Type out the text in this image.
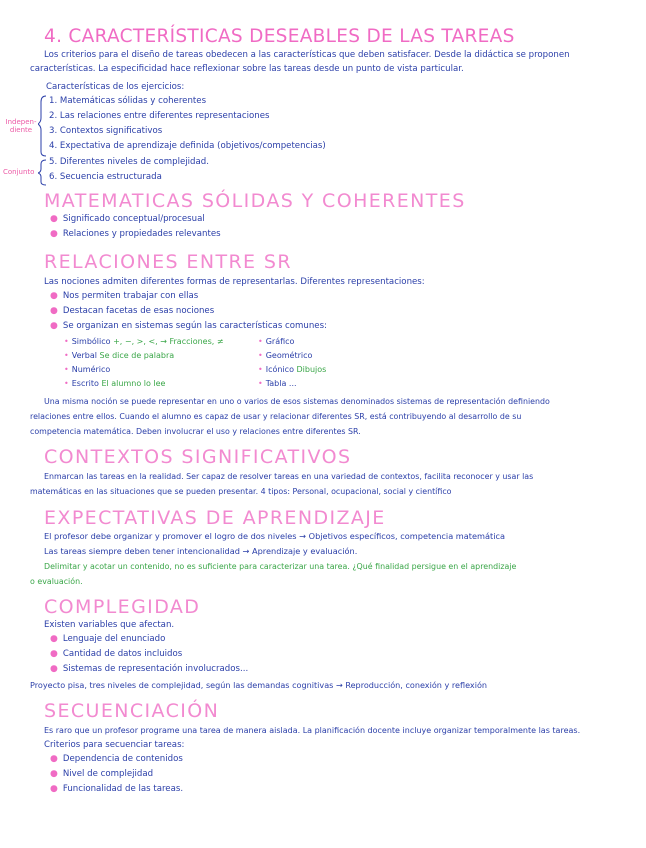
4. CARACTERÍSTICAS DESEABLES DE LAS TAREAS
Los criterios para el diseño de tareas obedecen a las características que deben satisfacer. Desde la didáctica se proponen
características. La especificidad hace reflexionar sobre las tareas desde un punto de vista particular.
Características de los ejercicios:
1. Matemáticas sólidas y coherentes
2. Las relaciones entre diferentes representaciones
3. Contextos significativos
4. Expectativa de aprendizaje definida (objetivos/competencias)
5. Diferentes niveles de complejidad.
6. Secuencia estructurada
Indepen-
diente
Conjunto
MATEMATICAS SÓLIDAS Y COHERENTES
● Significado conceptual/procesual
● Relaciones y propiedades relevantes
RELACIONES ENTRE SR
Las nociones admiten diferentes formas de representarlas. Diferentes representaciones:
● Nos permiten trabajar con ellas
● Destacan facetas de esas nociones
● Se organizan en sistemas según las características comunes:
• Simbólico +, −, >, <, → Fracciones, ≠
• Verbal Se dice de palabra
• Numérico
• Escrito El alumno lo lee
• Gráfico
• Geométrico
• Icónico Dibujos
• Tabla ...
Una misma noción se puede representar en uno o varios de esos sistemas denominados sistemas de representación definiendo
relaciones entre ellos. Cuando el alumno es capaz de usar y relacionar diferentes SR, está contribuyendo al desarrollo de su
competencia matemática. Deben involucrar el uso y relaciones entre diferentes SR.
CONTEXTOS SIGNIFICATIVOS
Enmarcan las tareas en la realidad. Ser capaz de resolver tareas en una variedad de contextos, facilita reconocer y usar las
matemáticas en las situaciones que se pueden presentar. 4 tipos: Personal, ocupacional, social y científico
EXPECTATIVAS DE APRENDIZAJE
El profesor debe organizar y promover el logro de dos niveles → Objetivos específicos, competencia matemática
Las tareas siempre deben tener intencionalidad → Aprendizaje y evaluación.
Delimitar y acotar un contenido, no es suficiente para caracterizar una tarea. ¿Qué finalidad persigue en el aprendizaje
o evaluación.
COMPLEGIDAD
Existen variables que afectan.
● Lenguaje del enunciado
● Cantidad de datos incluidos
● Sistemas de representación involucrados...
Proyecto pisa, tres niveles de complejidad, según las demandas cognitivas → Reproducción, conexión y reflexión
SECUENCIACIÓN
Es raro que un profesor programe una tarea de manera aislada. La planificación docente incluye organizar temporalmente las tareas.
Criterios para secuenciar tareas:
● Dependencia de contenidos
● Nivel de complejidad
● Funcionalidad de las tareas.
